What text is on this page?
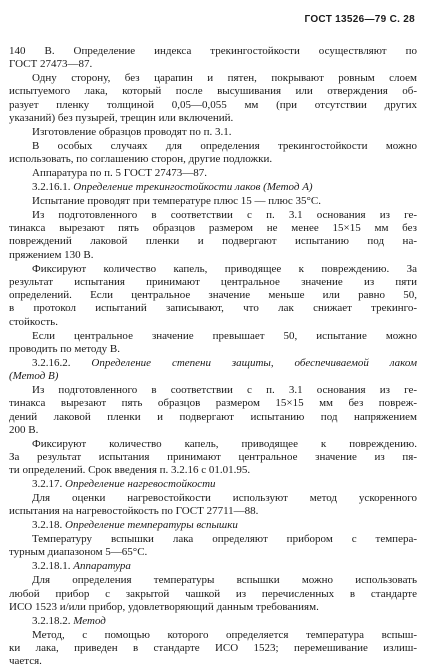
ГОСТ 13526—79 С. 28
140 В. Определение индекса трекингостойкости осуществляют по
ГОСТ 27473—87.
Одну сторону, без царапин и пятен, покрывают ровным слоем
испытуемого лака, который после высушивания или отверждения об-
разует пленку толщиной 0,05—0,055 мм (при отсутствии других
указаний) без пузырей, трещин или включений.
Изготовление образцов проводят по п. 3.1.
В особых случаях для определения трекингостойкости можно
использовать, по соглашению сторон, другие подложки.
Аппаратура по п. 5 ГОСТ 27473—87.
3.2.16.1. Определение трекингостойкости лаков (Метод А)
Испытание проводят при температуре плюс 15 — плюс 35°С.
Из подготовленного в соответствии с п. 3.1 основания из ге-
тинакса вырезают пять образцов размером не менее 15×15 мм без
повреждений лаковой пленки и подвергают испытанию под на-
пряжением 130 В.
Фиксируют количество капель, приводящее к повреждению. За
результат испытания принимают центральное значение из пяти
определений. Если центральное значение меньше или равно 50,
в протокол испытаний записывают, что лак снижает трекинго-
стойкость.
Если центральное значение превышает 50, испытание можно
проводить по методу В.
3.2.16.2. Определение степени защиты, обеспечиваемой лаком
(Метод В)
Из подготовленного в соответствии с п. 3.1 основания из ге-
тинакса вырезают пять образцов размером 15×15 мм без повреж-
дений лаковой пленки и подвергают испытанию под напряжением
200 В.
Фиксируют количество капель, приводящее к повреждению.
За результат испытания принимают центральное значение из пя-
ти определений. Срок введения п. 3.2.16 с 01.01.95.
3.2.17. Определение нагревостойкости
Для оценки нагревостойкости используют метод ускоренного
испытания на нагревостойкость по ГОСТ 27711—88.
3.2.18. Определение температуры вспышки
Температуру вспышки лака определяют прибором с темпера-
турным диапазоном 5—65°С.
3.2.18.1. Аппаратура
Для определения температуры вспышки можно использовать
любой прибор с закрытой чашкой из перечисленных в стандарте
ИСО 1523 и/или прибор, удовлетворяющий данным требованиям.
3.2.18.2. Метод
Метод, с помощью которого определяется температура вспыш-
ки лака, приведен в стандарте ИСО 1523; перемешивание излиш-
чается.
